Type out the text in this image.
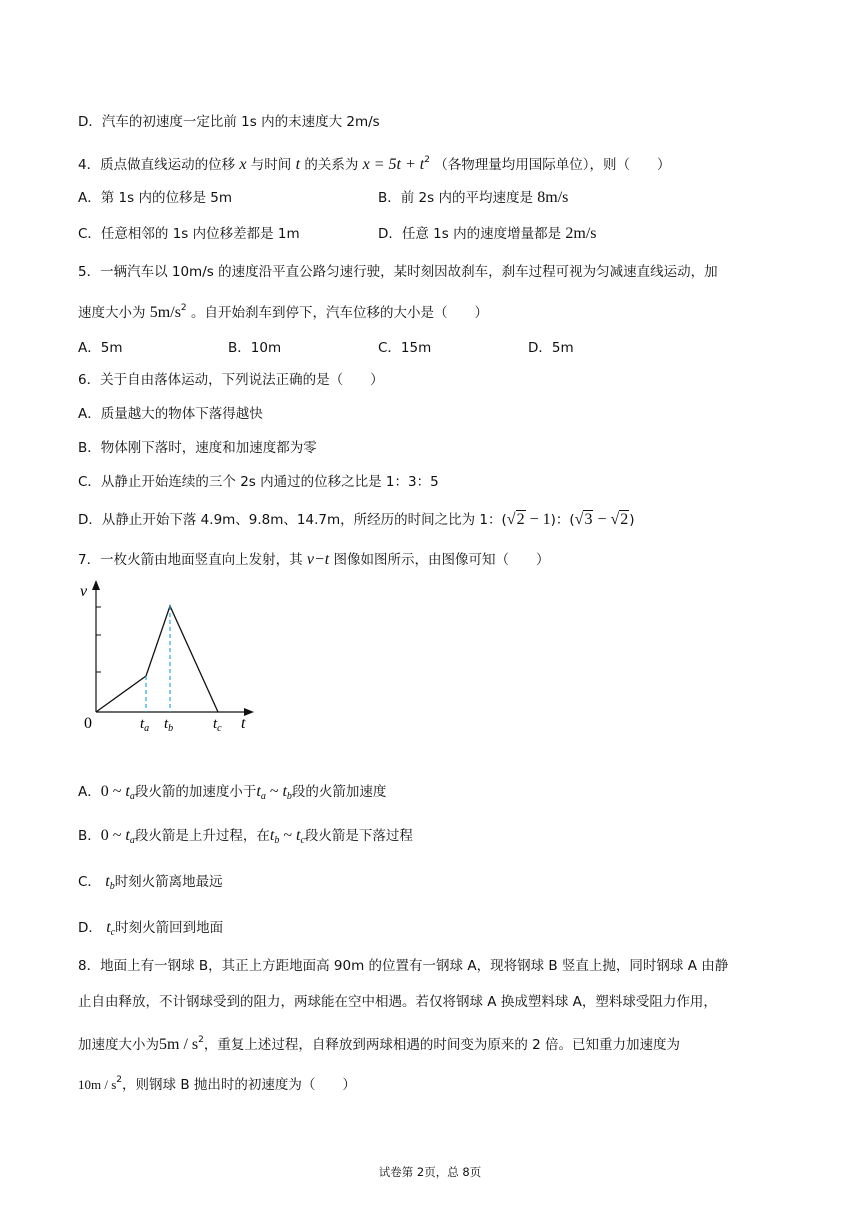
D．汽车的初速度一定比前 1s 内的末速度大 2m/s
4．质点做直线运动的位移 x 与时间 t 的关系为 $x = 5t + t^2$ （各物理量均用国际单位），则（　　）
A．第 1s 内的位移是 5m	B．前 2s 内的平均速度是 8m/s
C．任意相邻的 1s 内位移差都是 1m	D．任意 1s 内的速度增量都是 2m/s
5．一辆汽车以 10m/s 的速度沿平直公路匀速行驶，某时刻因故刹车，刹车过程可视为匀减速直线运动，加
速度大小为 $5m/s^2$ 。自开始刹车到停下，汽车位移的大小是（　　）
A．5m	B．10m	C．15m	D．5m
6．关于自由落体运动，下列说法正确的是（　　）
A．质量越大的物体下落得越快
B．物体刚下落时，速度和加速度都为零
C．从静止开始连续的三个 2s 内通过的位移之比是 1：3：5
D．从静止开始下落 4.9m、9.8m、14.7m，所经历的时间之比为 1：(√2 − 1)：(√3 − √2)
7．一枚火箭由地面竖直向上发射，其 v−t 图像如图所示，由图像可知（　　）
v
t
0	$t_a$ $t_b$	$t_c$
A．0 ~ $t_a$段火箭的加速度小于$t_a$ ~ $t_b$段的火箭加速度
B．0 ~ $t_a$段火箭是上升过程，在$t_b$ ~ $t_c$段火箭是下落过程
C． $t_b$时刻火箭离地最远
D． $t_c$时刻火箭回到地面
8．地面上有一钢球 B，其正上方距地面高 90m 的位置有一钢球 A，现将钢球 B 竖直上抛，同时钢球 A 由静
止自由释放，不计钢球受到的阻力，两球能在空中相遇。若仅将钢球 A 换成塑料球 A，塑料球受阻力作用，
加速度大小为$5m / s^2$，重复上述过程，自释放到两球相遇的时间变为原来的 2 倍。已知重力加速度为
$10m / s^2$，则钢球 B 抛出时的初速度为（　　）
试卷第 2页，总 8页
